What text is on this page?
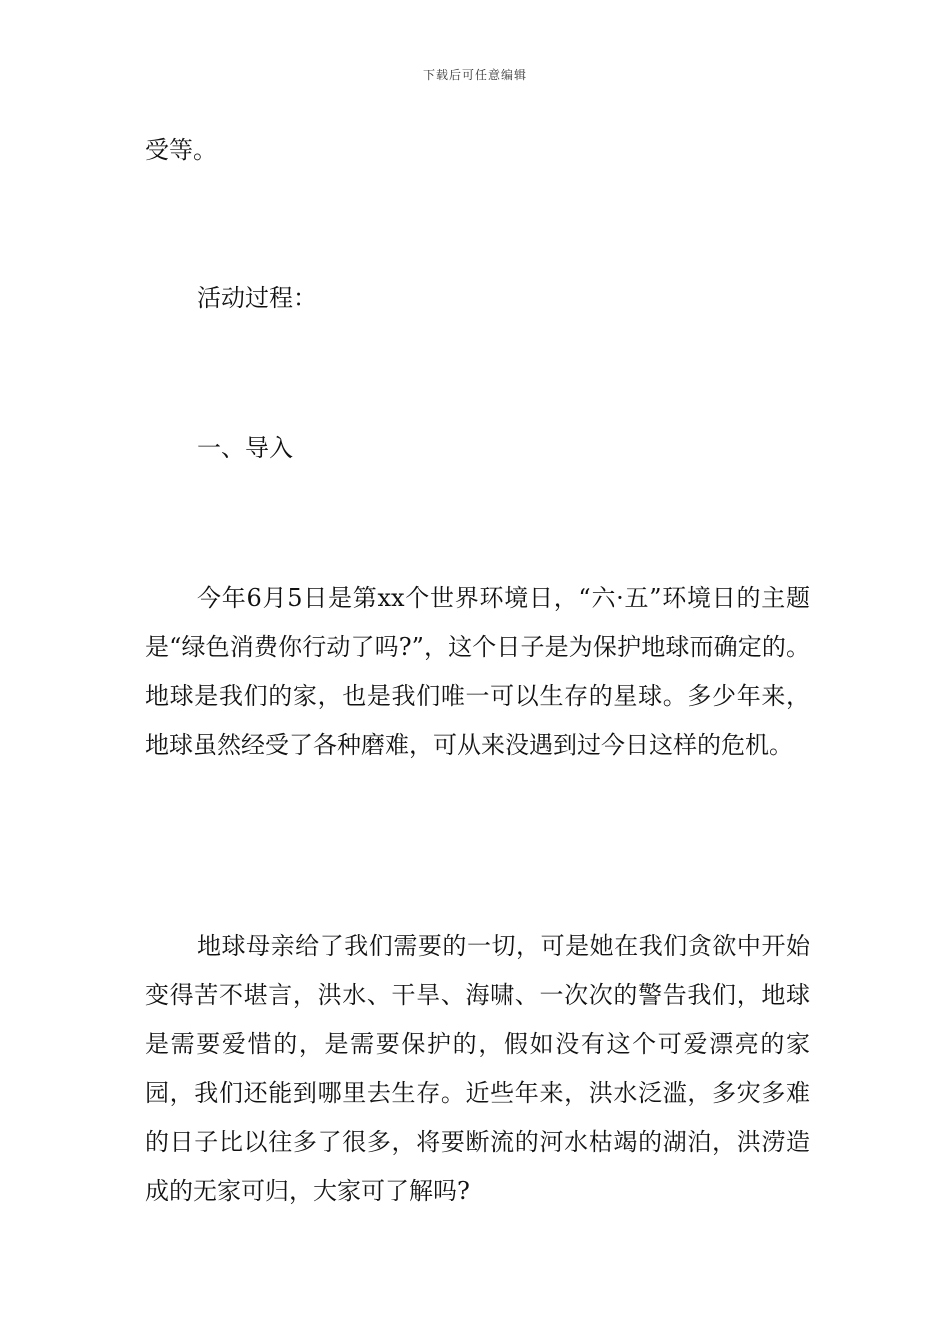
下载后可任意编辑
受等。
活动过程：
一、导入
今年6月5日是第xx个世界环境日，“六·五”环境日的主题是“绿色消费你行动了吗?”，这个日子是为保护地球而确定的。地球是我们的家，也是我们唯一可以生存的星球。多少年来，地球虽然经受了各种磨难，可从来没遇到过今日这样的危机。
地球母亲给了我们需要的一切，可是她在我们贪欲中开始变得苦不堪言，洪水、干旱、海啸、一次次的警告我们，地球是需要爱惜的，是需要保护的，假如没有这个可爱漂亮的家园，我们还能到哪里去生存。近些年来，洪水泛滥，多灾多难的日子比以往多了很多，将要断流的河水枯竭的湖泊，洪涝造成的无家可归，大家可了解吗?
